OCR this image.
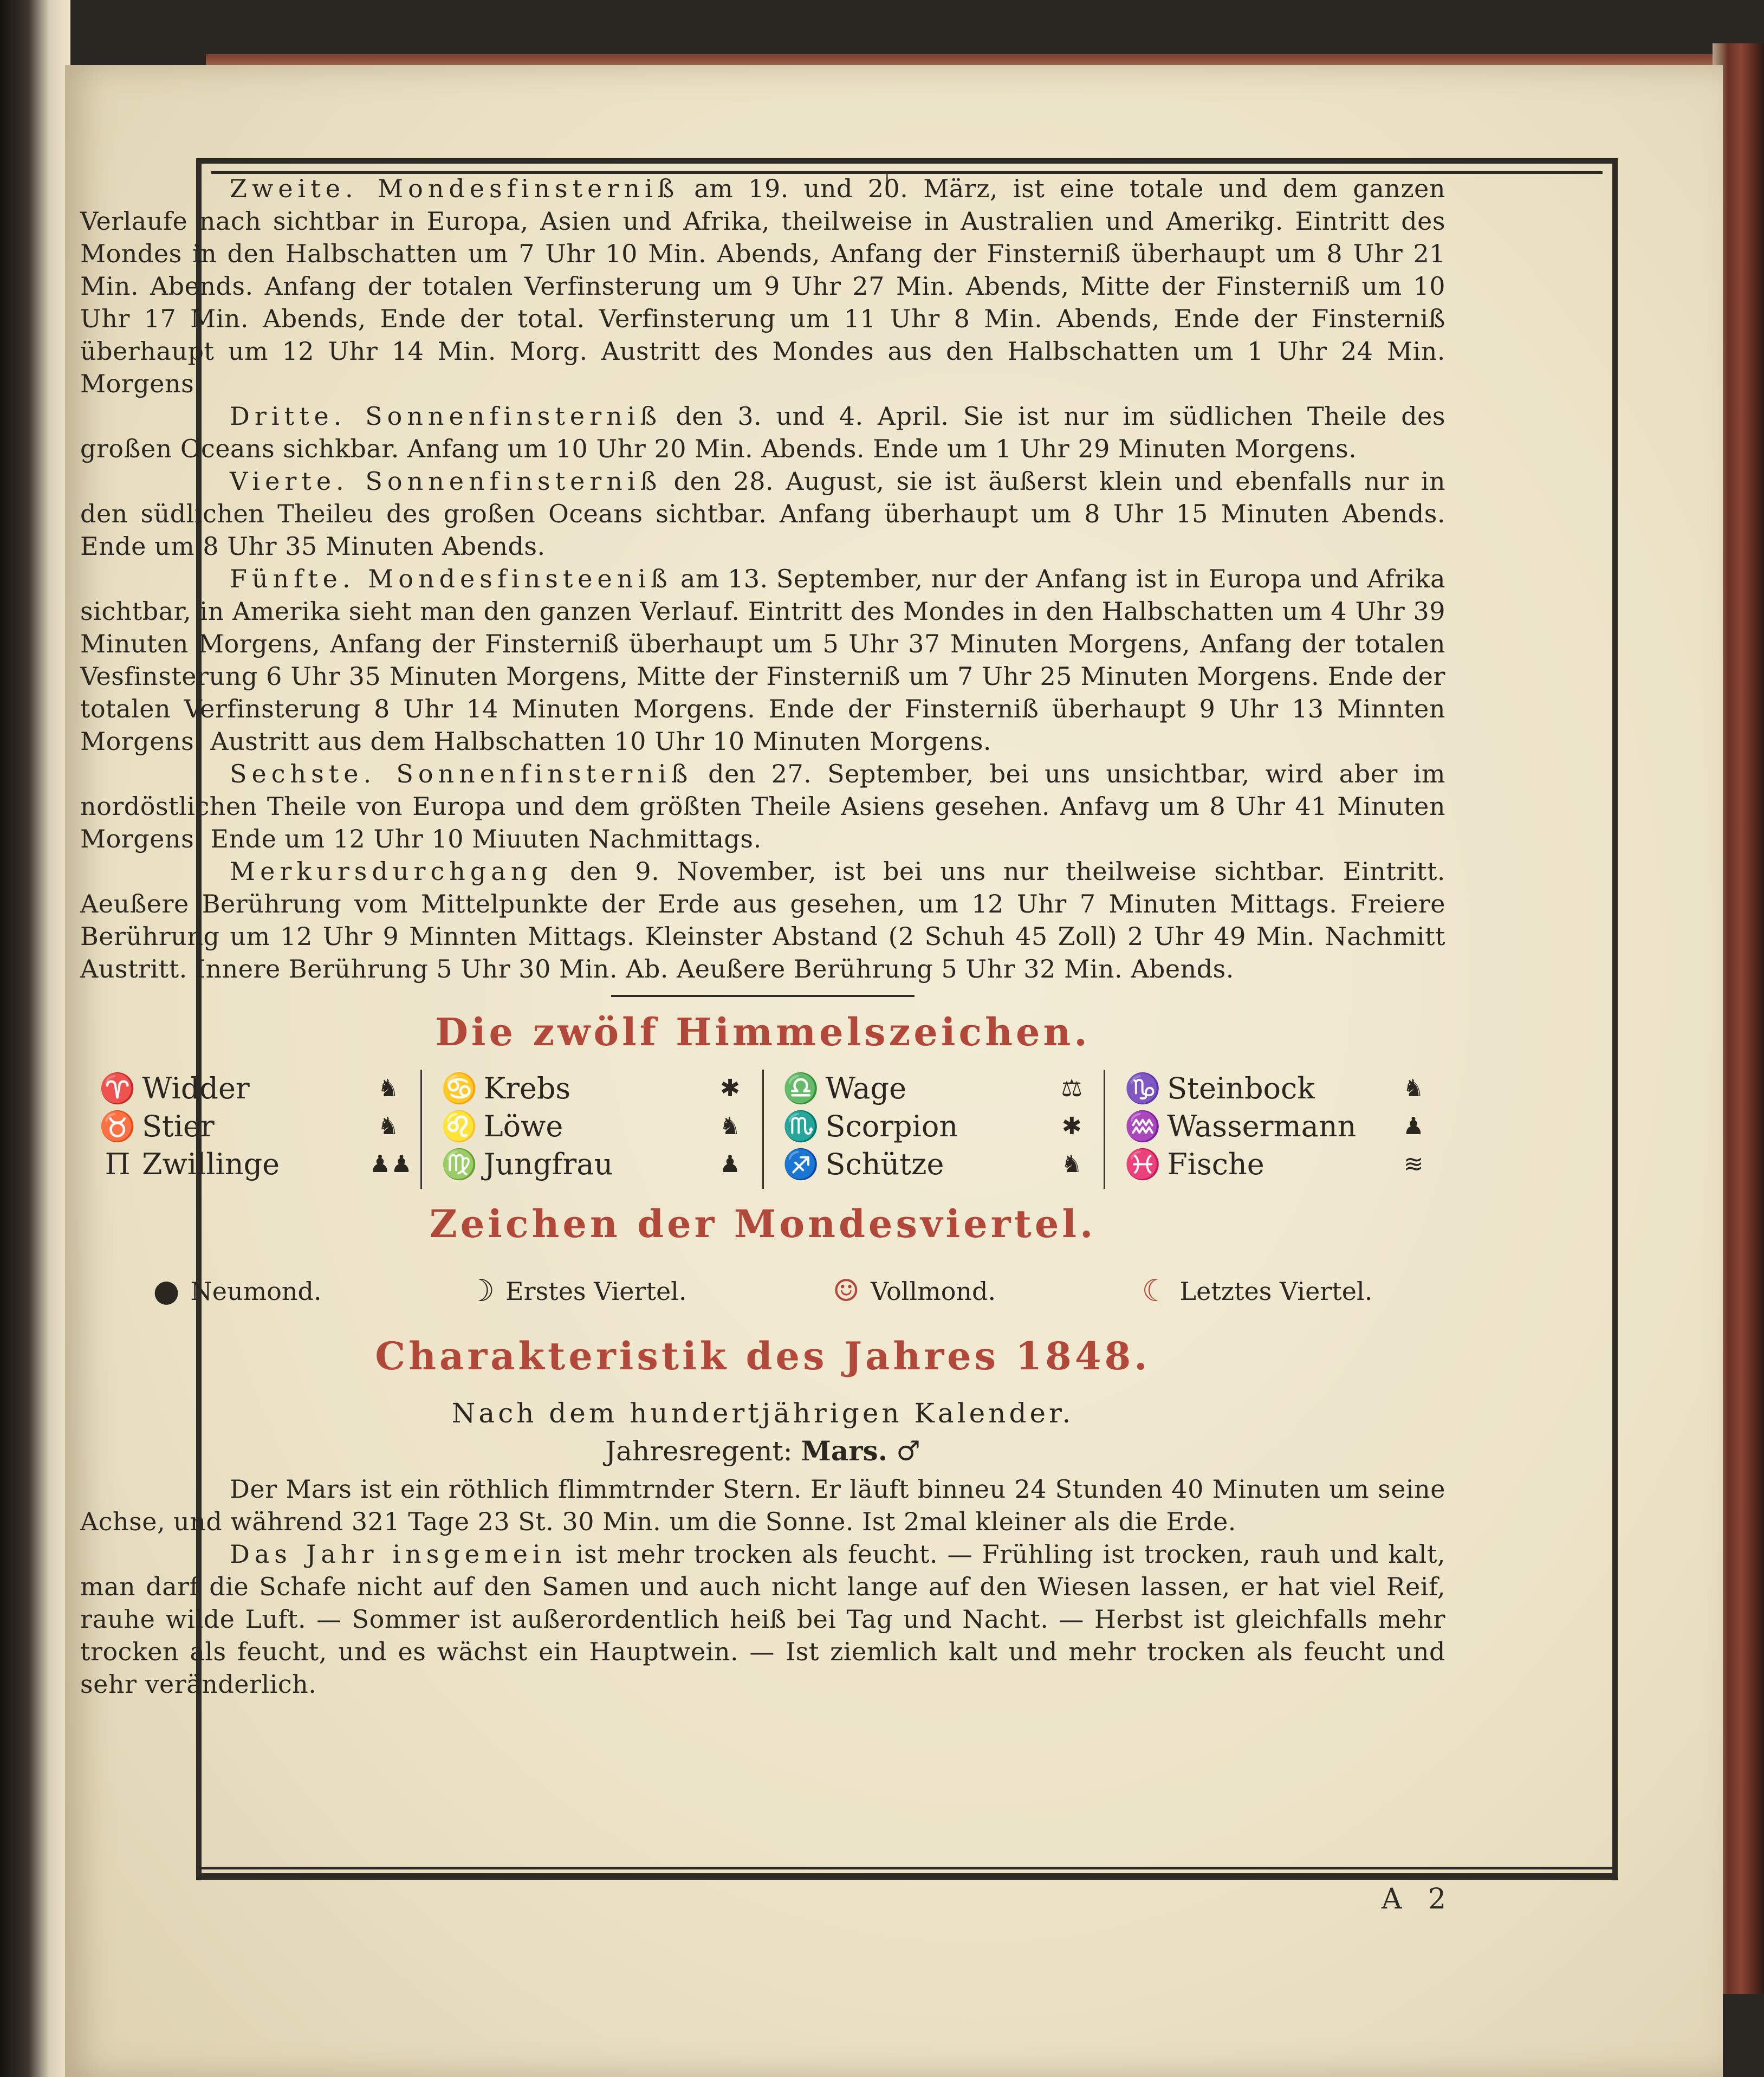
Zweite. Mondesfinsterniß am 19. und 20. März, ist eine totale und dem ganzen Verlaufe nach sichtbar in Europa, Asien und Afrika, theilweise in Australien und Amerikg. Eintritt des Mondes in den Halbschatten um 7 Uhr 10 Min. Abends, Anfang der Finsterniß überhaupt um 8 Uhr 21 Min. Abends. Anfang der totalen Verfinsterung um 9 Uhr 27 Min. Abends, Mitte der Finsterniß um 10 Uhr 17 Min. Abends, Ende der total. Verfinsterung um 11 Uhr 8 Min. Abends, Ende der Finsterniß überhaupt um 12 Uhr 14 Min. Morg. Austritt des Mondes aus den Halbschatten um 1 Uhr 24 Min. Morgens.

Dritte. Sonnenfinsterniß den 3. und 4. April. Sie ist nur im südlichen Theile des großen Oceans sichkbar. Anfang um 10 Uhr 20 Min. Abends. Ende um 1 Uhr 29 Minuten Morgens.

Vierte. Sonnenfinsterniß den 28. August, sie ist äußerst klein und ebenfalls nur in den südlichen Theileu des großen Oceans sichtbar. Anfang überhaupt um 8 Uhr 15 Minuten Abends. Ende um 8 Uhr 35 Minuten Abends.

Fünfte. Mondesfinsteeniß am 13. September, nur der Anfang ist in Europa und Afrika sichtbar, in Amerika sieht man den ganzen Verlauf. Eintritt des Mondes in den Halbschatten um 4 Uhr 39 Minuten Morgens, Anfang der Finsterniß überhaupt um 5 Uhr 37 Minuten Morgens, Anfang der totalen Vesfinsterung 6 Uhr 35 Minuten Morgens, Mitte der Finsterniß um 7 Uhr 25 Minuten Morgens. Ende der totalen Verfinsterung 8 Uhr 14 Minuten Morgens. Ende der Finsterniß überhaupt 9 Uhr 13 Minnten Morgens. Austritt aus dem Halbschatten 10 Uhr 10 Minuten Morgens.

Sechste. Sonnenfinsterniß den 27. September, bei uns unsichtbar, wird aber im nordöstlichen Theile von Europa und dem größten Theile Asiens gesehen. Anfavg um 8 Uhr 41 Minuten Morgens. Ende um 12 Uhr 10 Miuuten Nachmittags.

Merkursdurchgang den 9. November, ist bei uns nur theilweise sichtbar. Eintritt. Aeußere Berührung vom Mittelpunkte der Erde aus gesehen, um 12 Uhr 7 Minuten Mittags. Freiere Berührung um 12 Uhr 9 Minnten Mittags. Kleinster Abstand (2 Schuh 45 Zoll) 2 Uhr 49 Min. Nachmitt Austritt. Innere Berührung 5 Uhr 30 Min. Ab. Aeußere Berührung 5 Uhr 32 Min. Abends.

Die zwölf Himmelszeichen.
♈ Widder	♞
♉ Stier	♞
Π Zwillinge	♟♟
♋ Krebs	✱
♌ Löwe	♞
♍ Jungfrau	♟
♎ Wage	⚖
♏ Scorpion	✱
♐ Schütze	♞
♑ Steinbock	♞
♒ Wassermann	♟
♓ Fische	≋
Zeichen der Mondesviertel.
● Neumond.	☽ Erstes Viertel.	☺ Vollmond.	☾ Letztes Viertel.
Charakteristik des Jahres 1848.
Nach dem hundertjährigen Kalender.
Jahresregent: Mars. ♂

Der Mars ist ein röthlich flimmtrnder Stern. Er läuft binneu 24 Stunden 40 Minuten um seine Achse, und während 321 Tage 23 St. 30 Min. um die Sonne. Ist 2mal kleiner als die Erde.

Das Jahr insgemein ist mehr trocken als feucht. — Frühling ist trocken, rauh und kalt, man darf die Schafe nicht auf den Samen und auch nicht lange auf den Wiesen lassen, er hat viel Reif, rauhe wilde Luft. — Sommer ist außerordentlich heiß bei Tag und Nacht. — Herbst ist gleichfalls mehr trocken als feucht, und es wächst ein Hauptwein. — Ist ziemlich kalt und mehr trocken als feucht und sehr veränderlich.

A 2
